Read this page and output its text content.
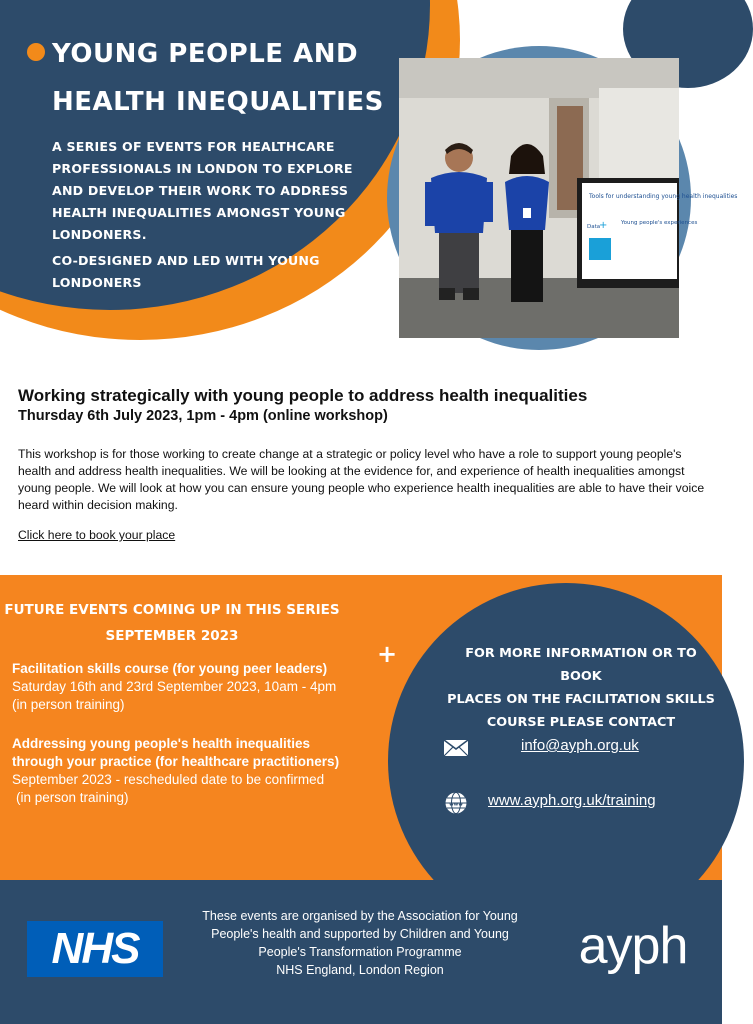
Tools for understanding young health inequalities
Data
+ Young people's experiences
YOUNG PEOPLE AND
HEALTH INEQUALITIES
A SERIES OF EVENTS FOR HEALTHCARE PROFESSIONALS IN LONDON TO EXPLORE AND DEVELOP THEIR WORK TO ADDRESS HEALTH INEQUALITIES AMONGST YOUNG LONDONERS.
CO-DESIGNED AND LED WITH YOUNG LONDONERS
Working strategically with young people to address health inequalities
Thursday 6th July 2023, 1pm - 4pm (online workshop)

This workshop is for those working to create change at a strategic or policy level who have a role to support young people's health and address health inequalities. We will be looking at the evidence for, and experience of health inequalities amongst young people. We will look at how you can ensure young people who experience health inequalities are able to have their voice heard within decision making.

Click here to book your place
FUTURE EVENTS COMING UP IN THIS SERIES
SEPTEMBER 2023
+
Facilitation skills course (for young peer leaders)
Saturday 16th and 23rd September 2023, 10am - 4pm
(in person training)
Addressing young people's health inequalities
through your practice (for healthcare practitioners)
September 2023 - rescheduled date to be confirmed
(in person training)
FOR MORE INFORMATION OR TO BOOK
PLACES ON THE FACILITATION SKILLS
COURSE PLEASE CONTACT
info@ayph.org.uk
www www.ayph.org.uk/training
NHS
These events are organised by the Association for Young
People's health and supported by Children and Young
People's Transformation Programme
NHS England, London Region	ayph
